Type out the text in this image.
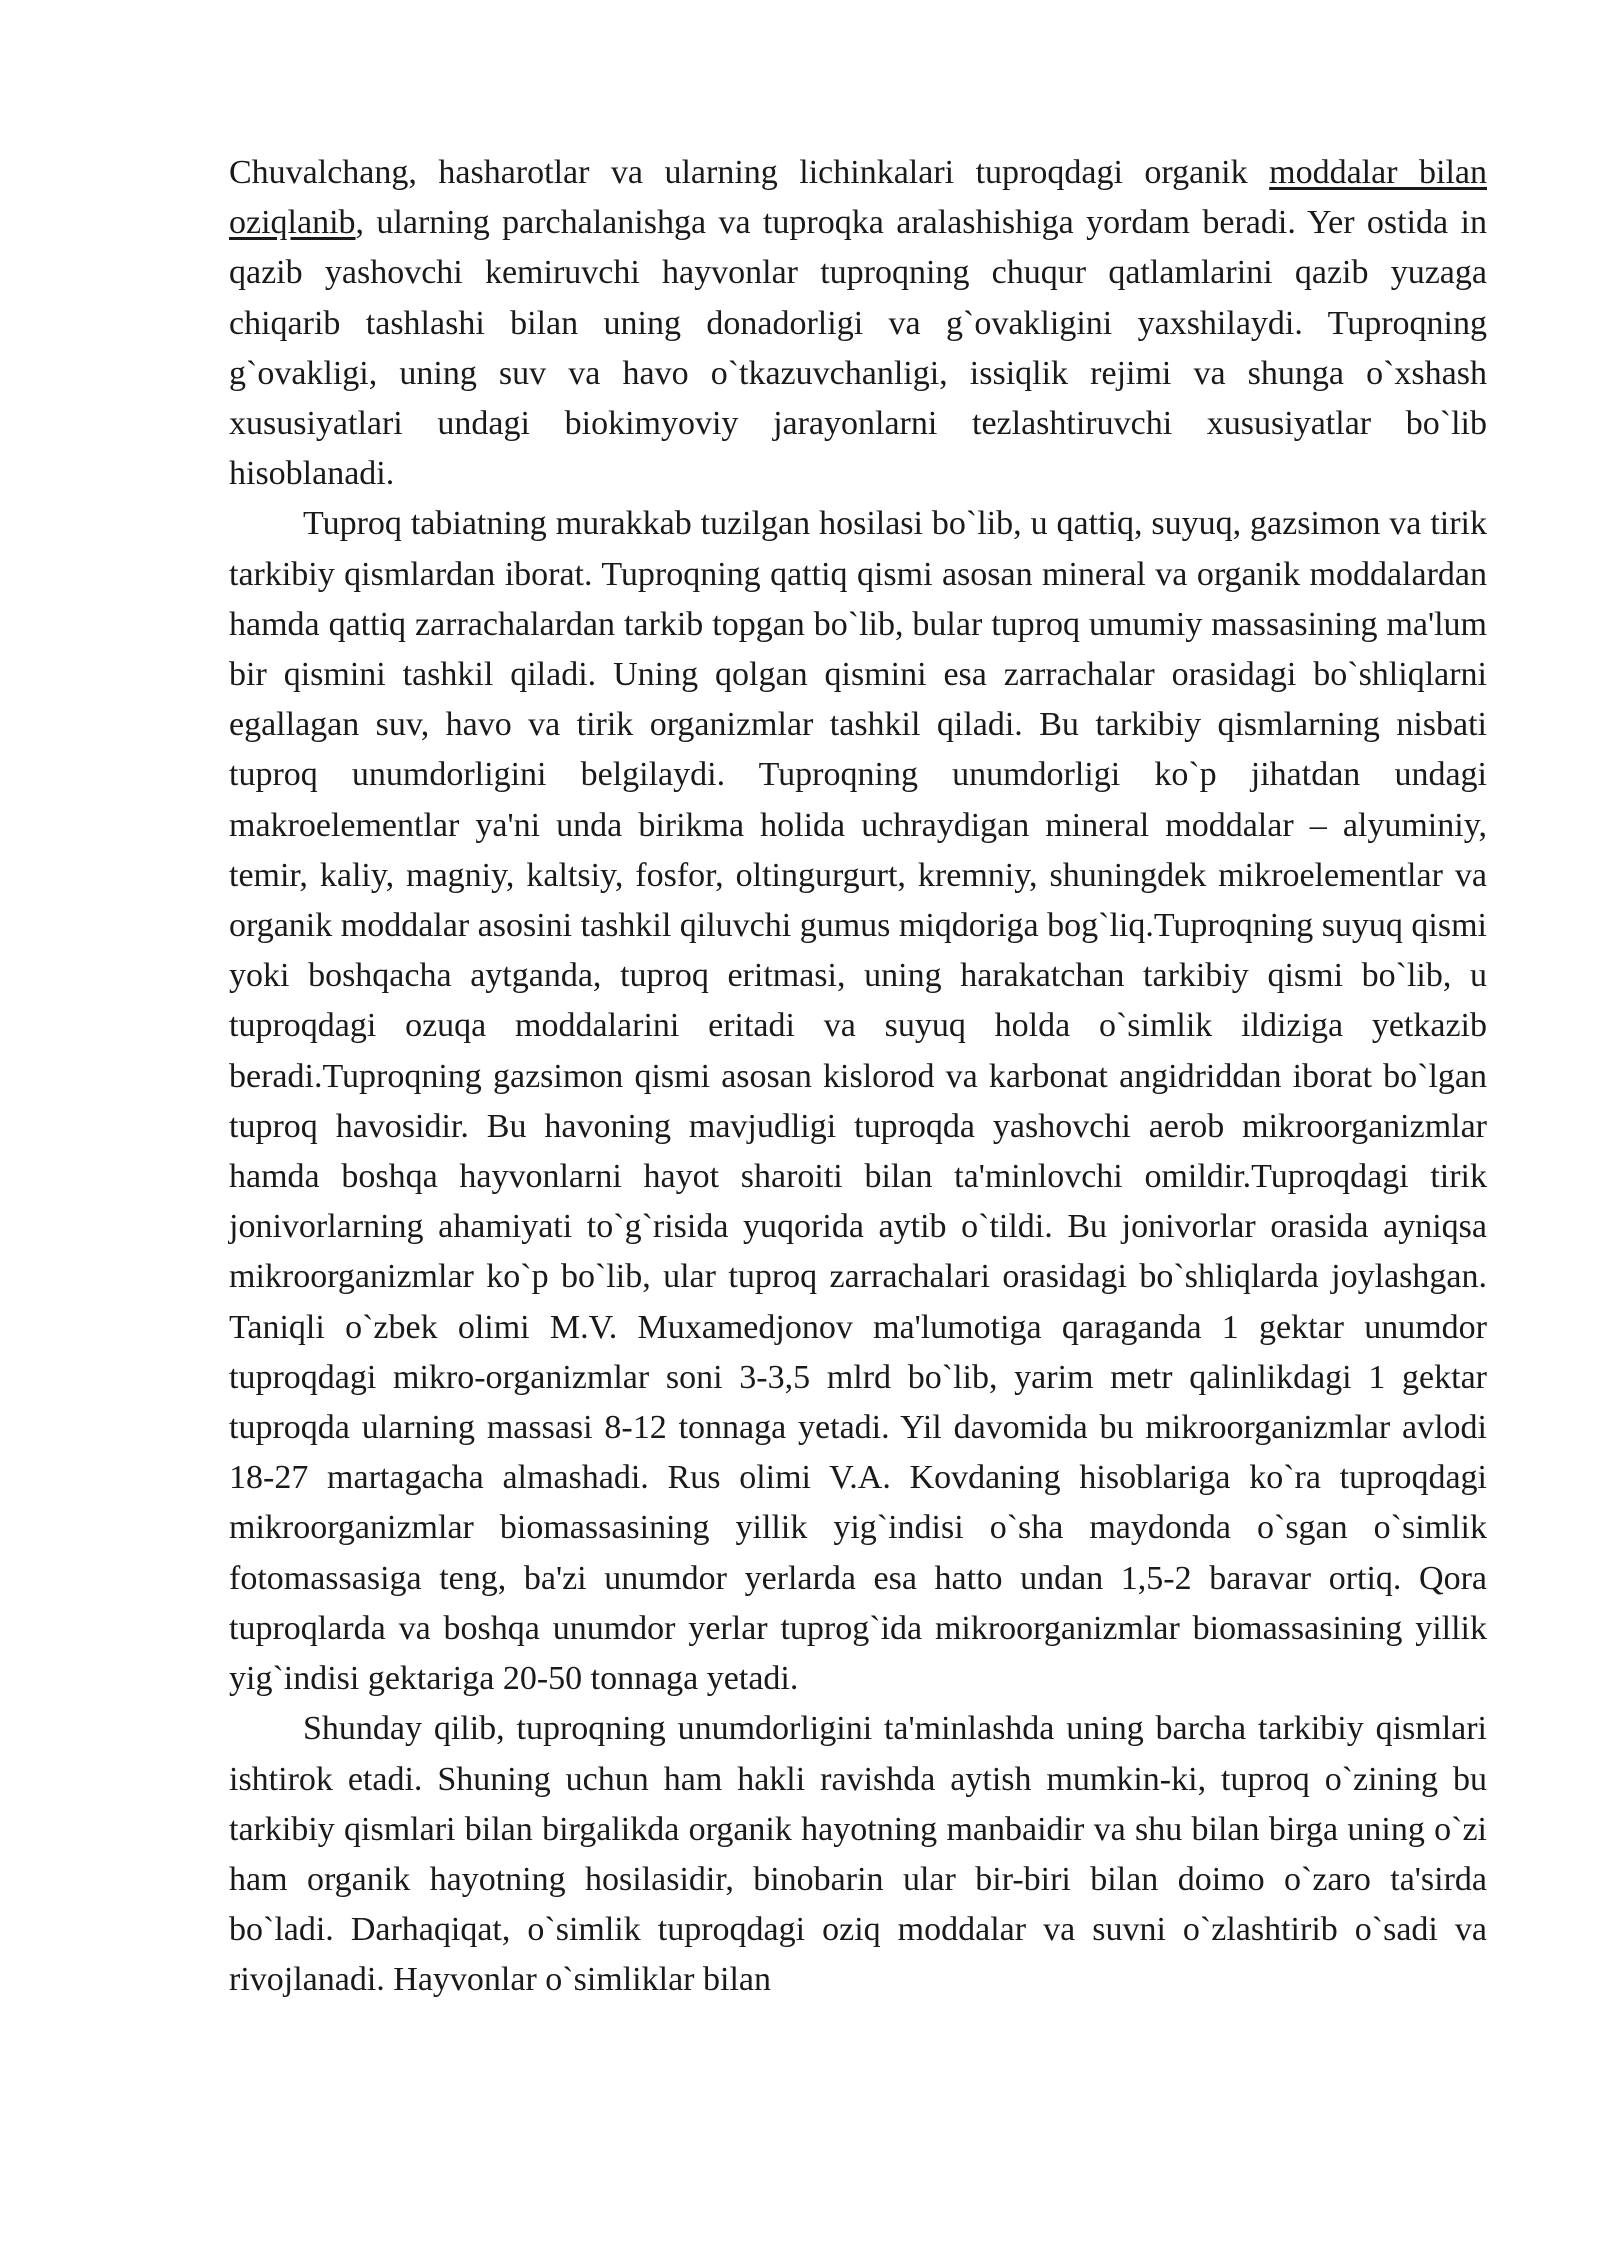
Chuvalchang, hasharotlar va ularning lichinkalari tuproqdagi organik moddalar bilan oziqlanib, ularning parchalanishga va tuproqka aralashishiga yordam beradi. Yer ostida in qazib yashovchi kemiruvchi hayvonlar tuproqning chuqur qatlamlarini qazib yuzaga chiqarib tashlashi bilan uning donadorligi va g`ovakligini yaxshilaydi. Tuproqning g`ovakligi, uning suv va havo o`tkazuvchanligi, issiqlik rejimi va shunga o`xshash xususiyatlari undagi biokimyoviy jarayonlarni tezlashtiruvchi xususiyatlar bo`lib hisoblanadi.

Tuproq tabiatning murakkab tuzilgan hosilasi bo`lib, u qattiq, suyuq, gazsimon va tirik tarkibiy qismlardan iborat. Tuproqning qattiq qismi asosan mineral va organik moddalardan hamda qattiq zarrachalardan tarkib topgan bo`lib, bular tuproq umumiy massasining ma'lum bir qismini tashkil qiladi. Uning qolgan qismini esa zarrachalar orasidagi bo`shliqlarni egallagan suv, havo va tirik organizmlar tashkil qiladi. Bu tarkibiy qismlarning nisbati tuproq unumdorligini belgilaydi. Tuproqning unumdorligi ko`p jihatdan undagi makroelementlar ya'ni unda birikma holida uchraydigan mineral moddalar – alyuminiy, temir, kaliy, magniy, kaltsiy, fosfor, oltingurgurt, kremniy, shuningdek mikroelementlar va organik moddalar asosini tashkil qiluvchi gumus miqdoriga bog`liq.Tuproqning suyuq qismi yoki boshqacha aytganda, tuproq eritmasi, uning harakatchan tarkibiy qismi bo`lib, u tuproqdagi ozuqa moddalarini eritadi va suyuq holda o`simlik ildiziga yetkazib beradi.Tuproqning gazsimon qismi asosan kislorod va karbonat angidriddan iborat bo`lgan tuproq havosidir. Bu havoning mavjudligi tuproqda yashovchi aerob mikroorganizmlar hamda boshqa hayvonlarni hayot sharoiti bilan ta'minlovchi omildir.Tuproqdagi tirik jonivorlarning ahamiyati to`g`risida yuqorida aytib o`tildi. Bu jonivorlar orasida ayniqsa mikroorganizmlar ko`p bo`lib, ular tuproq zarrachalari orasidagi bo`shliqlarda joylashgan. Taniqli o`zbek olimi M.V. Muxamedjonov ma'lumotiga qaraganda 1 gektar unumdor tuproqdagi mikro-organizmlar soni 3-3,5 mlrd bo`lib, yarim metr qalinlikdagi 1 gektar tuproqda ularning massasi 8-12 tonnaga yetadi. Yil davomida bu mikroorganizmlar avlodi 18-27 martagacha almashadi. Rus olimi V.A. Kovdaning hisoblariga ko`ra tuproqdagi mikroorganizmlar biomassasining yillik yig`indisi o`sha maydonda o`sgan o`simlik fotomassasiga teng, ba'zi unumdor yerlarda esa hatto undan 1,5-2 baravar ortiq. Qora tuproqlarda va boshqa unumdor yerlar tuprog`ida mikroorganizmlar biomassasining yillik yig`indisi gektariga 20-50 tonnaga yetadi.

Shunday qilib, tuproqning unumdorligini ta'minlashda uning barcha tarkibiy qismlari ishtirok etadi. Shuning uchun ham hakli ravishda aytish mumkin-ki, tuproq o`zining bu tarkibiy qismlari bilan birgalikda organik hayotning manbaidir va shu bilan birga uning o`zi ham organik hayotning hosilasidir, binobarin ular bir-biri bilan doimo o`zaro ta'sirda bo`ladi. Darhaqiqat, o`simlik tuproqdagi oziq moddalar va suvni o`zlashtirib o`sadi va rivojlanadi. Hayvonlar o`simliklar bilan
